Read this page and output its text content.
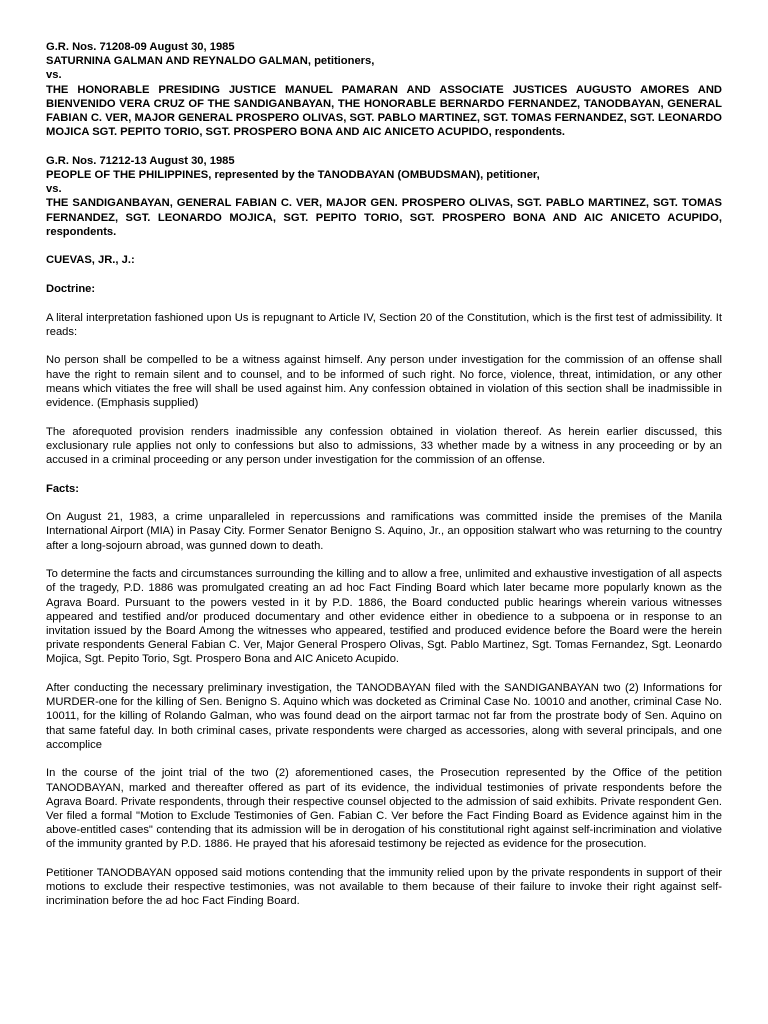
G.R. Nos. 71208-09 August 30, 1985

SATURNINA GALMAN AND REYNALDO GALMAN, petitioners,

vs.

THE HONORABLE PRESIDING JUSTICE MANUEL PAMARAN AND ASSOCIATE JUSTICES AUGUSTO AMORES AND BIENVENIDO VERA CRUZ OF THE SANDIGANBAYAN, THE HONORABLE BERNARDO FERNANDEZ, TANODBAYAN, GENERAL FABIAN C. VER, MAJOR GENERAL PROSPERO OLIVAS, SGT. PABLO MARTINEZ, SGT. TOMAS FERNANDEZ, SGT. LEONARDO MOJICA SGT. PEPITO TORIO, SGT. PROSPERO BONA AND AIC ANICETO ACUPIDO, respondents.

G.R. Nos. 71212-13 August 30, 1985

PEOPLE OF THE PHILIPPINES, represented by the TANODBAYAN (OMBUDSMAN), petitioner,

vs.

THE SANDIGANBAYAN, GENERAL FABIAN C. VER, MAJOR GEN. PROSPERO OLIVAS, SGT. PABLO MARTINEZ, SGT. TOMAS FERNANDEZ, SGT. LEONARDO MOJICA, SGT. PEPITO TORIO, SGT. PROSPERO BONA AND AIC ANICETO ACUPIDO, respondents.

CUEVAS, JR., J.:

Doctrine:

A literal interpretation fashioned upon Us is repugnant to Article IV, Section 20 of the Constitution, which is the first test of admissibility. It reads:

No person shall be compelled to be a witness against himself. Any person under investigation for the commission of an offense shall have the right to remain silent and to counsel, and to be informed of such right. No force, violence, threat, intimidation, or any other means which vitiates the free will shall be used against him. Any confession obtained in violation of this section shall be inadmissible in evidence. (Emphasis supplied)

The aforequoted provision renders inadmissible any confession obtained in violation thereof. As herein earlier discussed, this exclusionary rule applies not only to confessions but also to admissions, 33 whether made by a witness in any proceeding or by an accused in a criminal proceeding or any person under investigation for the commission of an offense.

Facts:

On August 21, 1983, a crime unparalleled in repercussions and ramifications was committed inside the premises of the Manila International Airport (MIA) in Pasay City. Former Senator Benigno S. Aquino, Jr., an opposition stalwart who was returning to the country after a long-sojourn abroad, was gunned down to death.

To determine the facts and circumstances surrounding the killing and to allow a free, unlimited and exhaustive investigation of all aspects of the tragedy, P.D. 1886 was promulgated creating an ad hoc Fact Finding Board which later became more popularly known as the Agrava Board. Pursuant to the powers vested in it by P.D. 1886, the Board conducted public hearings wherein various witnesses appeared and testified and/or produced documentary and other evidence either in obedience to a subpoena or in response to an invitation issued by the Board Among the witnesses who appeared, testified and produced evidence before the Board were the herein private respondents General Fabian C. Ver, Major General Prospero Olivas, Sgt. Pablo Martinez, Sgt. Tomas Fernandez, Sgt. Leonardo Mojica, Sgt. Pepito Torio, Sgt. Prospero Bona and AIC Aniceto Acupido.

After conducting the necessary preliminary investigation, the TANODBAYAN filed with the SANDIGANBAYAN two (2) Informations for MURDER-one for the killing of Sen. Benigno S. Aquino which was docketed as Criminal Case No. 10010 and another, criminal Case No. 10011, for the killing of Rolando Galman, who was found dead on the airport tarmac not far from the prostrate body of Sen. Aquino on that same fateful day. In both criminal cases, private respondents were charged as accessories, along with several principals, and one accomplice

In the course of the joint trial of the two (2) aforementioned cases, the Prosecution represented by the Office of the petition TANODBAYAN, marked and thereafter offered as part of its evidence, the individual testimonies of private respondents before the Agrava Board. Private respondents, through their respective counsel objected to the admission of said exhibits. Private respondent Gen. Ver filed a formal "Motion to Exclude Testimonies of Gen. Fabian C. Ver before the Fact Finding Board as Evidence against him in the above-entitled cases" contending that its admission will be in derogation of his constitutional right against self-incrimination and violative of the immunity granted by P.D. 1886. He prayed that his aforesaid testimony be rejected as evidence for the prosecution.

Petitioner TANODBAYAN opposed said motions contending that the immunity relied upon by the private respondents in support of their motions to exclude their respective testimonies, was not available to them because of their failure to invoke their right against self-incrimination before the ad hoc Fact Finding Board.
